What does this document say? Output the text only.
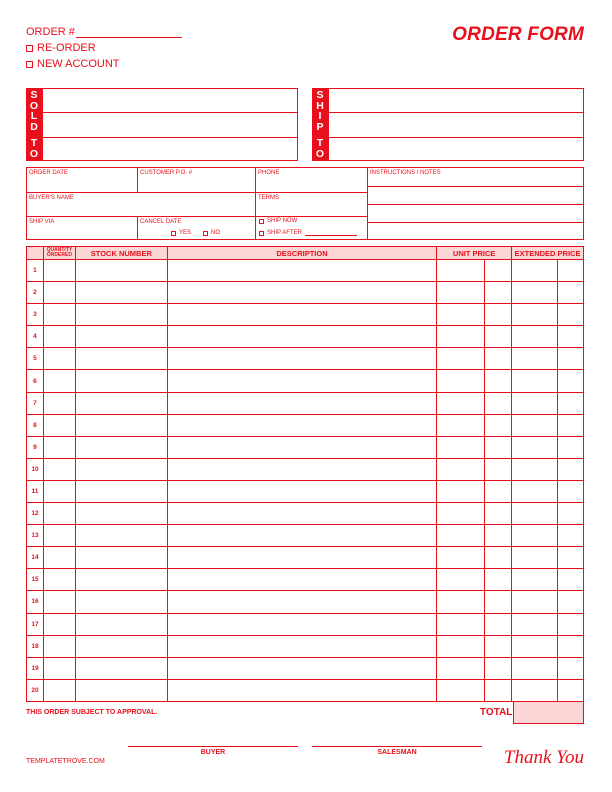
ORDER #
RE-ORDER
NEW ACCOUNT
ORDER FORM
S
O
L
D
T
O
S
H
I
P
T
O
ORDER DATE	CUSTOMER P.O. #	PHONE
BUYER'S NAME	TERMS
SHIP VIA	CANCEL DATE
YES	NO
SHIP NOW
SHIP AFTER
INSTRUCTIONS / NOTES
QUANTITY
ORDERED	STOCK NUMBER	DESCRIPTION	UNIT PRICE	EXTENDED PRICE
1
2
3
4
5
6
7
8
9
10
11
12
13
14
15
16
17
18
19
20
THIS ORDER SUBJECT TO APPROVAL.	TOTAL
BUYER	SALESMAN
TEMPLATETROVE.COM	Thank You
